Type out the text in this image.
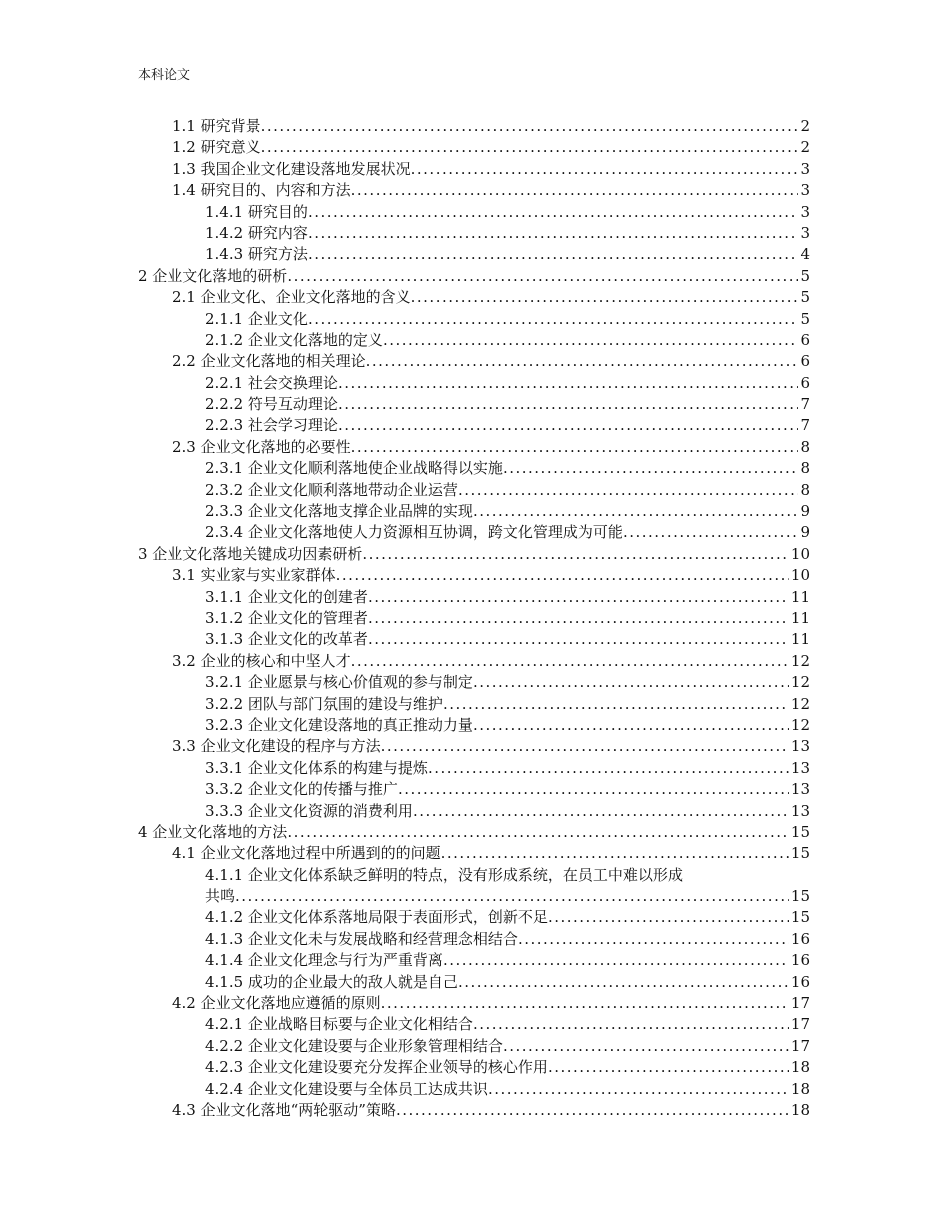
本科论文
1.1 研究背景 .....	2
1.2 研究意义 .....	2
1.3 我国企业文化建设落地发展状况 .....	3
1.4 研究目的、内容和方法 .....	3
1.4.1 研究目的 .....	3
1.4.2 研究内容 .....	3
1.4.3 研究方法 .....	4
2 企业文化落地的研析 .....	5
2.1 企业文化、企业文化落地的含义 .....	5
2.1.1 企业文化 .....	5
2.1.2 企业文化落地的定义 .....	6
2.2 企业文化落地的相关理论 .....	6
2.2.1 社会交换理论 .....	6
2.2.2 符号互动理论 .....	7
2.2.3 社会学习理论 .....	7
2.3 企业文化落地的必要性 .....	8
2.3.1 企业文化顺利落地使企业战略得以实施 .....	8
2.3.2 企业文化顺利落地带动企业运营 .....	8
2.3.3 企业文化落地支撑企业品牌的实现 .....	9
2.3.4 企业文化落地使人力资源相互协调，跨文化管理成为可能 .....	9
3 企业文化落地关键成功因素研析 .....	10
3.1 实业家与实业家群体 .....	10
3.1.1 企业文化的创建者 .....	11
3.1.2 企业文化的管理者 .....	11
3.1.3 企业文化的改革者 .....	11
3.2 企业的核心和中坚人才 .....	12
3.2.1 企业愿景与核心价值观的参与制定 .....	12
3.2.2 团队与部门氛围的建设与维护 .....	12
3.2.3 企业文化建设落地的真正推动力量 .....	12
3.3 企业文化建设的程序与方法 .....	13
3.3.1 企业文化体系的构建与提炼 .....	13
3.3.2 企业文化的传播与推广 .....	13
3.3.3 企业文化资源的消费利用 .....	13
4 企业文化落地的方法 .....	15
4.1 企业文化落地过程中所遇到的的问题 .....	15
4.1.1 企业文化体系缺乏鲜明的特点，没有形成系统，在员工中难以形成
共鸣 .....	15
4.1.2 企业文化体系落地局限于表面形式，创新不足 .....	15
4.1.3 企业文化未与发展战略和经营理念相结合 .....	16
4.1.4 企业文化理念与行为严重背离 .....	16
4.1.5 成功的企业最大的敌人就是自己 .....	16
4.2 企业文化落地应遵循的原则 .....	17
4.2.1 企业战略目标要与企业文化相结合 .....	17
4.2.2 企业文化建设要与企业形象管理相结合 .....	17
4.2.3 企业文化建设要充分发挥企业领导的核心作用 .....	18
4.2.4 企业文化建设要与全体员工达成共识 .....	18
4.3 企业文化落地“两轮驱动”策略 .....	18
